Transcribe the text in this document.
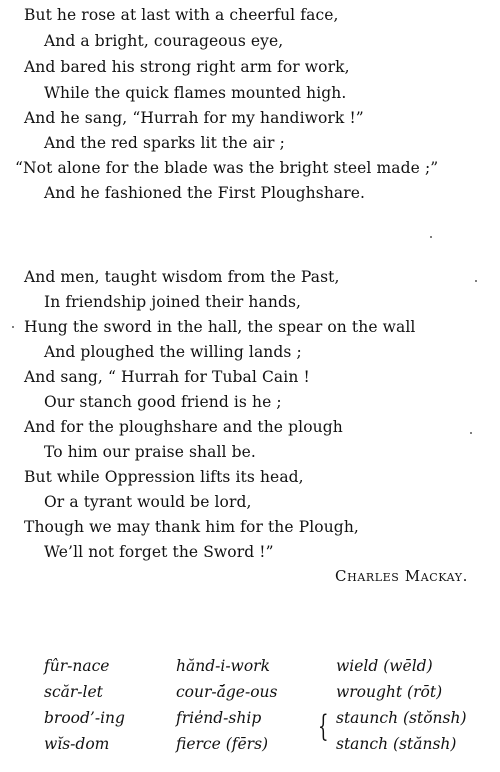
But he rose at last with a cheerful face,
And a bright, courageous eye,
And bared his strong right arm for work,
While the quick flames mounted high.
And he sang, “Hurrah for my handiwork !”
And the red sparks lit the air ;
“Not alone for the blade was the bright steel made ;”
And he fashioned the First Ploughshare.
And men, taught wisdom from the Past,
In friendship joined their hands,
Hung the sword in the hall, the spear on the wall
And ploughed the willing lands ;
And sang, “ Hurrah for Tubal Cain !
Our stanch good friend is he ;
And for the ploughshare and the plough
To him our praise shall be.
But while Oppression lifts its head,
Or a tyrant would be lord,
Though we may thank him for the Plough,
We’ll not forget the Sword !”
Charles Mackay.
fûr-nace
scăr-let
brood’-ing
wĭs-dom
hănd-i-work
cour-ā́ge-ous
frie̍nd-ship
fierce (fērs)
wield (wēld)
wrought (rōt)
staunch (stŏnsh)
stanch (stănsh)
{
